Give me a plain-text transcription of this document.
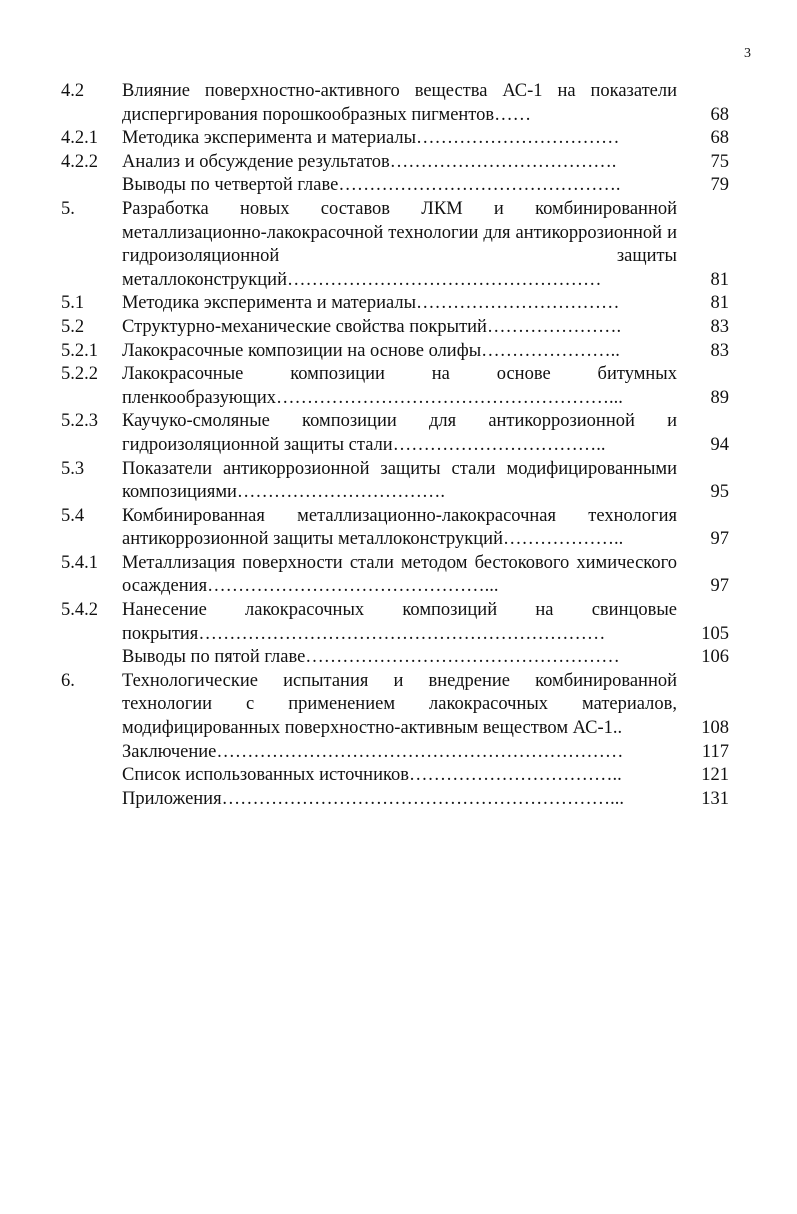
3
4.2	Влияние поверхностно-активного вещества АС-1 на показатели диспергирования порошкообразных пигментов……	68
4.2.1	Методика эксперимента и материалы……………………………	68
4.2.2	Анализ и обсуждение результатов……………………………….	75
Выводы по четвертой главе……………………………………….	79
5.	Разработка новых составов ЛКМ и комбинированной металлизационно-лакокрасочной технологии для антикоррозионной и гидроизоляционной защиты металлоконструкций……………………………………………	81
5.1	Методика эксперимента и материалы……………………………	81
5.2	Структурно-механические свойства покрытий………………….	83
5.2.1	Лакокрасочные композиции на основе олифы…………………..	83
5.2.2	Лакокрасочные композиции на основе битумных пленкообразующих………………………………………………...	89
5.2.3	Каучуко-смоляные композиции для антикоррозионной и гидроизоляционной защиты стали……………………………..	94
5.3	Показатели антикоррозионной защиты стали модифицированными композициями…………………………….	95
5.4	Комбинированная металлизационно-лакокрасочная технология антикоррозионной защиты металлоконструкций………………..	97
5.4.1	Металлизация поверхности стали методом бестокового химического осаждения………………………………………...	97
5.4.2	Нанесение лакокрасочных композиций на свинцовые покрытия…………………………………………………………	105
Выводы по пятой главе……………………………………………	106
6.	Технологические испытания и внедрение комбинированной технологии с применением лакокрасочных материалов, модифицированных поверхностно-активным веществом АС-1..	108
Заключение…………………………………………………………	117
Список использованных источников……………………………..	121
Приложения………………………………………………………...	131
